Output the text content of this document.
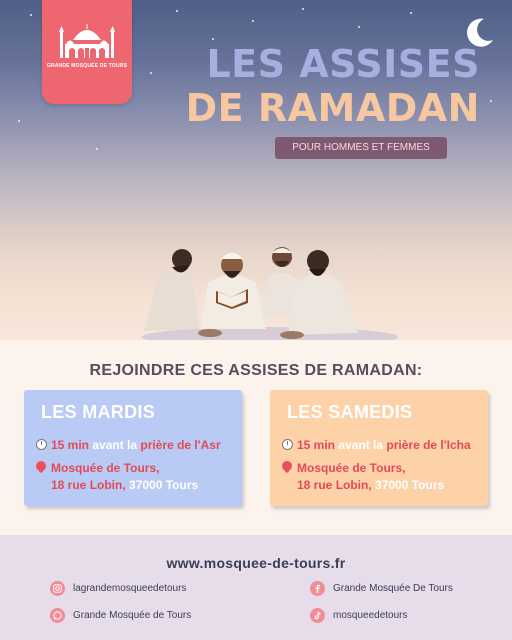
GRANDE MOSQUÉE DE TOURS	LES ASSISES
DE RAMADAN
POUR HOMMES ET FEMMES
REJOINDRE CES ASSISES DE RAMADAN:
LES MARDIS
15 min avant la prière de l'Asr
Mosquée de Tours,
18 rue Lobin, 37000 Tours
LES SAMEDIS
15 min avant la prière de l'Icha
Mosquée de Tours,
18 rue Lobin, 37000 Tours
www.mosquee-de-tours.fr
lagrandemosqueedetours
Grande Mosquée de Tours
Grande Mosquée De Tours
mosqueedetours
